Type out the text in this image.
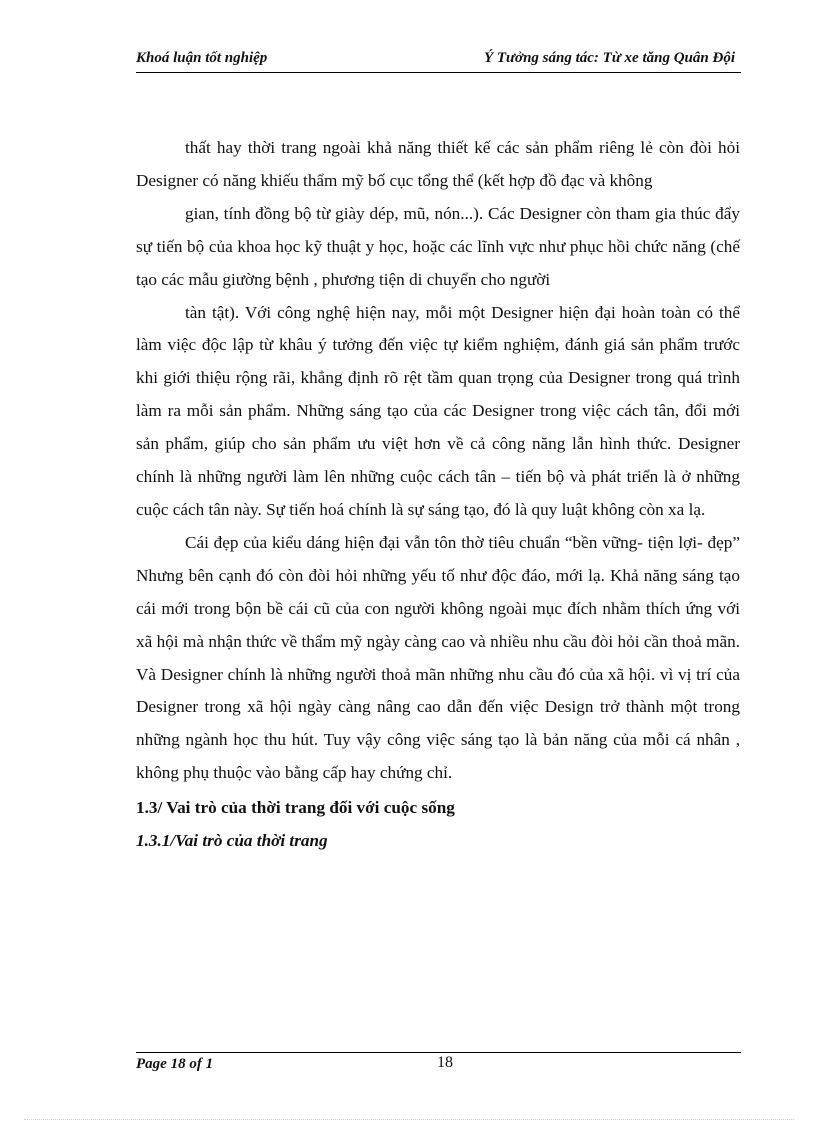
Khoá luận tốt nghiệp	Ý Tưởng sáng tác: Từ xe tăng Quân Đội

thất hay thời trang ngoài khả năng thiết kế các sản phẩm riêng lẻ còn đòi hỏi Designer có năng khiếu thẩm mỹ bố cục tổng thể (kết hợp đồ đạc và không

gian, tính đồng bộ từ giày dép, mũ, nón...). Các Designer còn tham gia thúc đẩy sự tiến bộ của khoa học kỹ thuật y học, hoặc các lĩnh vực như phục hồi chức năng (chế tạo các mẫu giường bệnh , phương tiện di chuyển cho người

tàn tật). Với công nghệ hiện nay, mỗi một Designer hiện đại hoàn toàn có thể làm việc độc lập từ khâu ý tưởng đến việc tự kiểm nghiệm, đánh giá sản phẩm trước khi giới thiệu rộng rãi, khẳng định rõ rệt tầm quan trọng của Designer trong quá trình làm ra mỗi sản phẩm. Những sáng tạo của các Designer trong việc cách tân, đổi mới sản phẩm, giúp cho sản phẩm ưu việt hơn về cả công năng lẫn hình thức. Designer chính là những người làm lên những cuộc cách tân – tiến bộ và phát triển là ở những cuộc cách tân này. Sự tiến hoá chính là sự sáng tạo, đó là quy luật không còn xa lạ.

Cái đẹp của kiểu dáng hiện đại vẫn tôn thờ tiêu chuẩn “bền vững- tiện lợi- đẹp” Nhưng bên cạnh đó còn đòi hỏi những yếu tố như độc đáo, mới lạ. Khả năng sáng tạo cái mới trong bộn bề cái cũ của con người không ngoài mục đích nhằm thích ứng với xã hội mà nhận thức về thẩm mỹ ngày càng cao và nhiều nhu cầu đòi hỏi cần thoả mãn. Và Designer chính là những người thoả mãn những nhu cầu đó của xã hội. vì vị trí của Designer trong xã hội ngày càng nâng cao dẫn đến việc Design trở thành một trong những ngành học thu hút. Tuy vậy công việc sáng tạo là bản năng của mỗi cá nhân , không phụ thuộc vào bằng cấp hay chứng chỉ.

1.3/ Vai trò của thời trang đối với cuộc sống

1.3.1/Vai trò của thời trang

Page 18 of 1	18
